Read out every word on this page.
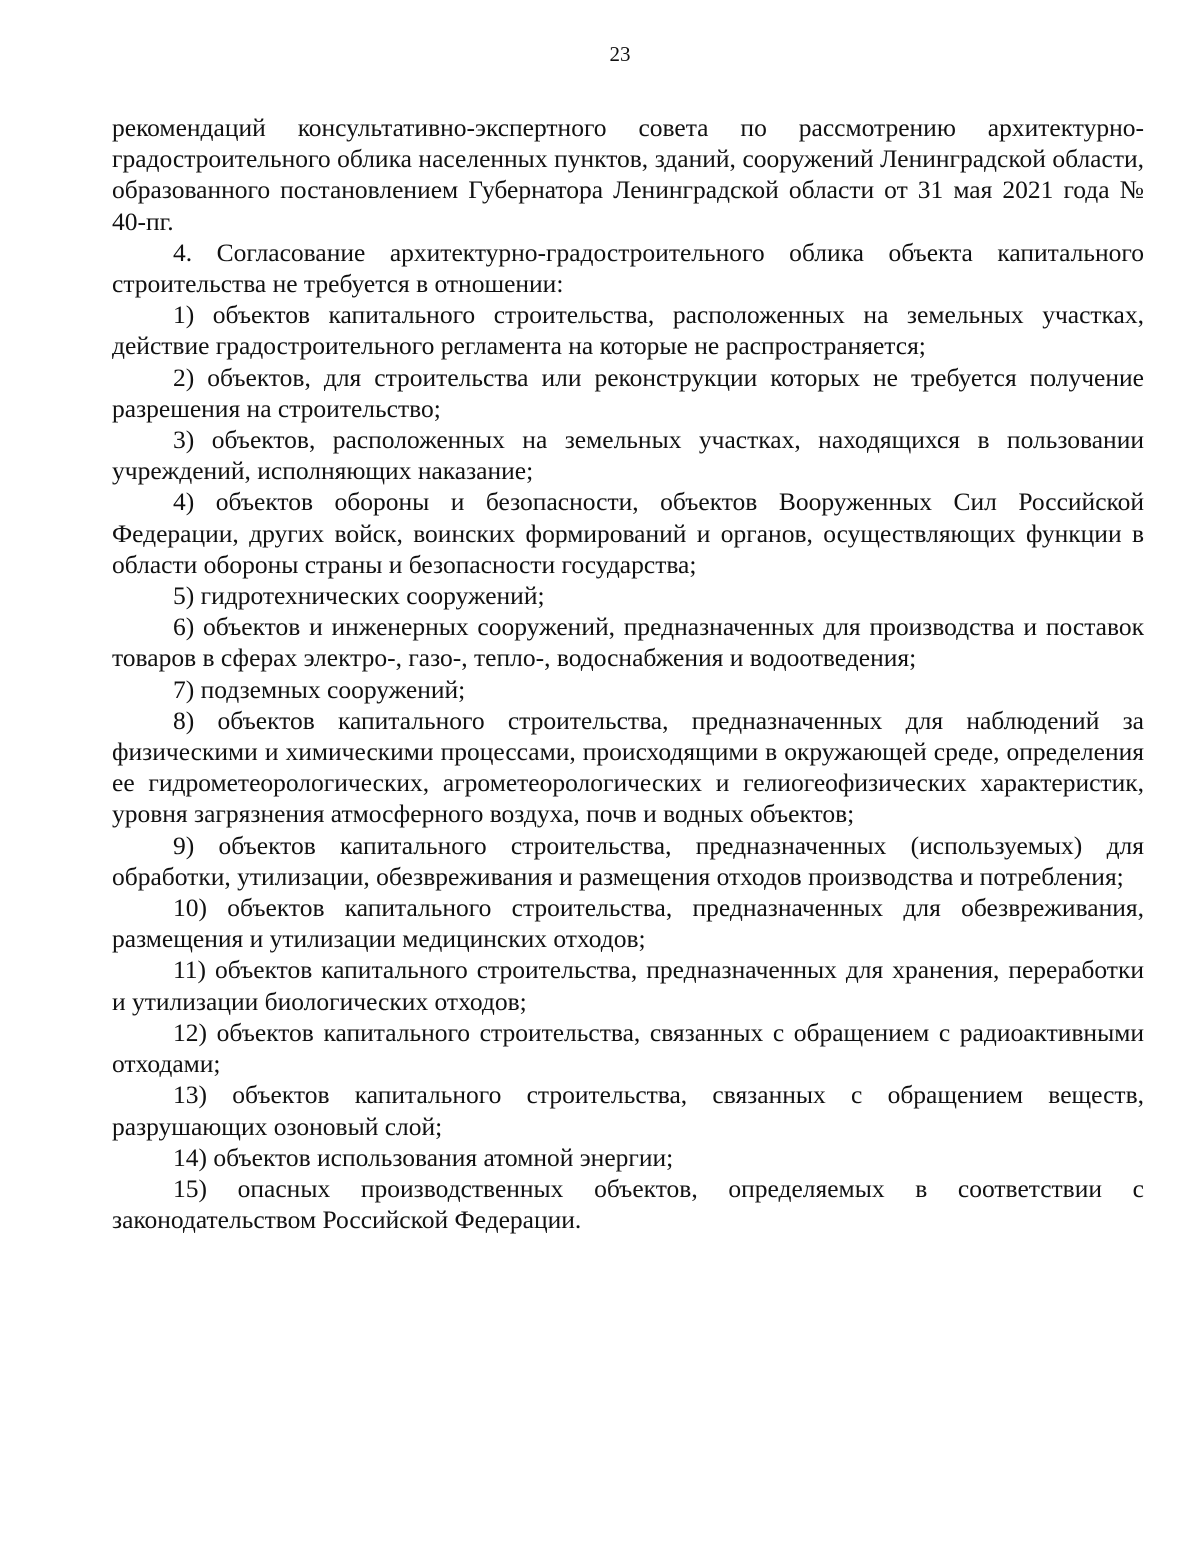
23

рекомендаций консультативно-экспертного совета по рассмотрению архитектурно-градостроительного облика населенных пунктов, зданий, сооружений Ленинградской области, образованного постановлением Губернатора Ленинградской области от 31 мая 2021 года № 40-пг.

4. Согласование архитектурно-градостроительного облика объекта капитального строительства не требуется в отношении:

1) объектов капитального строительства, расположенных на земельных участках, действие градостроительного регламента на которые не распространяется;

2) объектов, для строительства или реконструкции которых не требуется получение разрешения на строительство;

3) объектов, расположенных на земельных участках, находящихся в пользовании учреждений, исполняющих наказание;

4) объектов обороны и безопасности, объектов Вооруженных Сил Российской Федерации, других войск, воинских формирований и органов, осуществляющих функции в области обороны страны и безопасности государства;

5) гидротехнических сооружений;

6) объектов и инженерных сооружений, предназначенных для производства и поставок товаров в сферах электро-, газо-, тепло-, водоснабжения и водоотведения;

7) подземных сооружений;

8) объектов капитального строительства, предназначенных для наблюдений за физическими и химическими процессами, происходящими в окружающей среде, определения ее гидрометеорологических, агрометеорологических и гелиогеофизических характеристик, уровня загрязнения атмосферного воздуха, почв и водных объектов;

9) объектов капитального строительства, предназначенных (используемых) для обработки, утилизации, обезвреживания и размещения отходов производства и потребления;

10) объектов капитального строительства, предназначенных для обезвреживания, размещения и утилизации медицинских отходов;

11) объектов капитального строительства, предназначенных для хранения, переработки и утилизации биологических отходов;

12) объектов капитального строительства, связанных с обращением с радиоактивными отходами;

13) объектов капитального строительства, связанных с обращением веществ, разрушающих озоновый слой;

14) объектов использования атомной энергии;

15) опасных производственных объектов, определяемых в соответствии с законодательством Российской Федерации.
